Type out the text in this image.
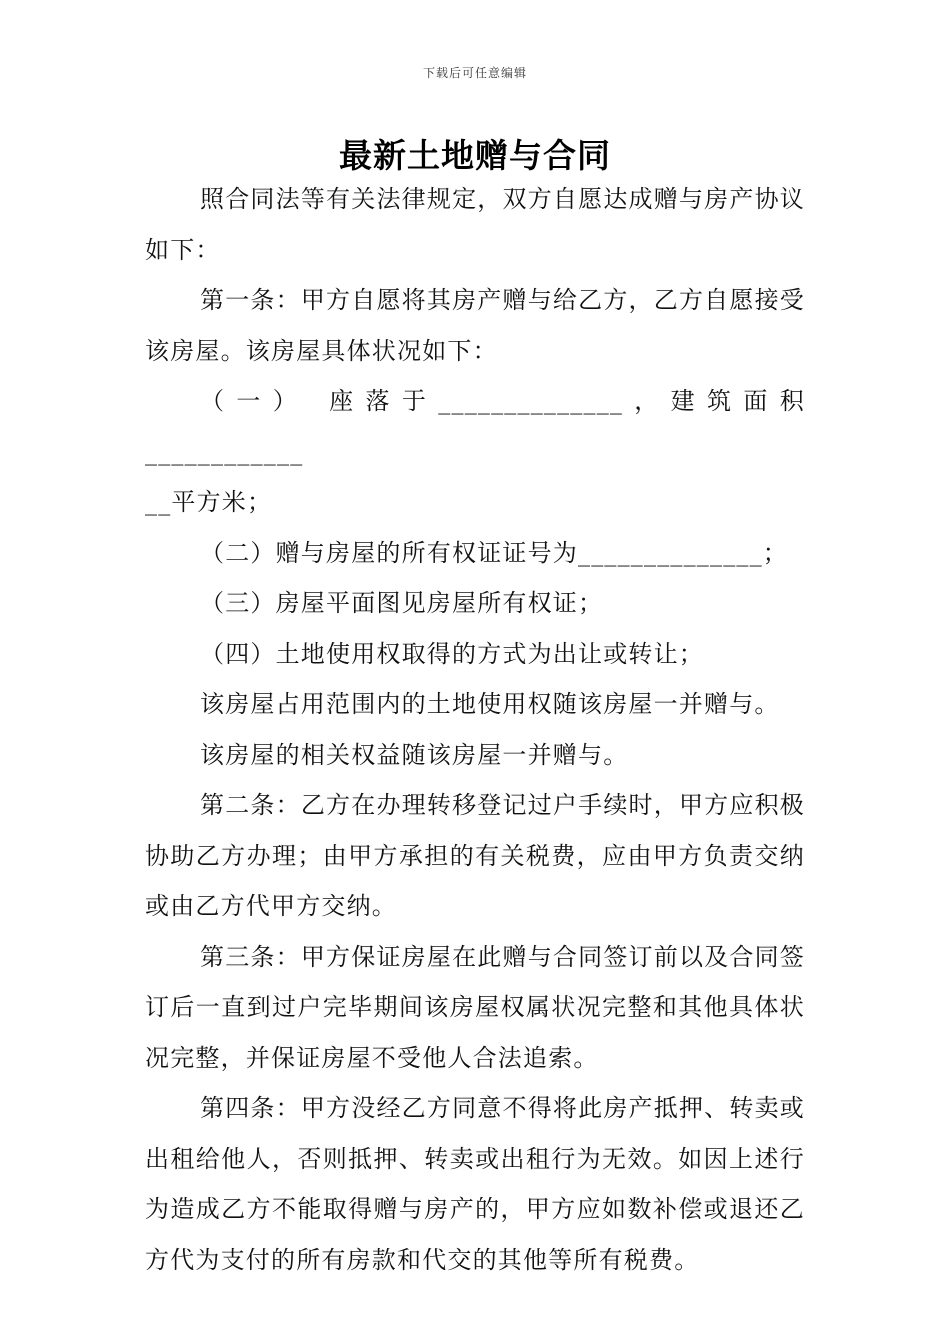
下载后可任意编辑
最新土地赠与合同

照合同法等有关法律规定，双方自愿达成赠与房产协议如下：

第一条：甲方自愿将其房产赠与给乙方，乙方自愿接受该房屋。该房屋具体状况如下：

（一） 座落于______________，建筑面积____________

__平方米；

（二）赠与房屋的所有权证证号为______________；

（三）房屋平面图见房屋所有权证；

（四）土地使用权取得的方式为出让或转让；

该房屋占用范围内的土地使用权随该房屋一并赠与。

该房屋的相关权益随该房屋一并赠与。

第二条：乙方在办理转移登记过户手续时，甲方应积极协助乙方办理；由甲方承担的有关税费，应由甲方负责交纳或由乙方代甲方交纳。

第三条：甲方保证房屋在此赠与合同签订前以及合同签订后一直到过户完毕期间该房屋权属状况完整和其他具体状况完整，并保证房屋不受他人合法追索。

第四条：甲方没经乙方同意不得将此房产抵押、转卖或出租给他人，否则抵押、转卖或出租行为无效。如因上述行为造成乙方不能取得赠与房产的，甲方应如数补偿或退还乙方代为支付的所有房款和代交的其他等所有税费。
